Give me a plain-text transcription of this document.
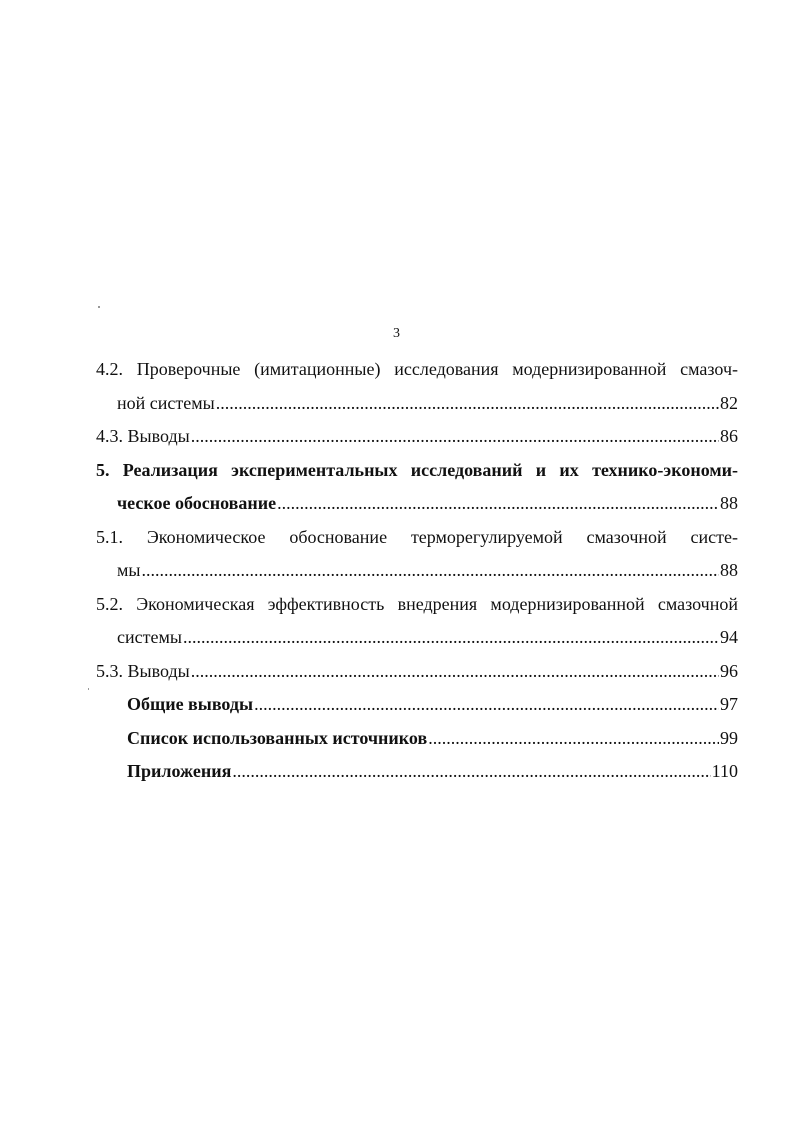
3
4.2. Проверочные (имитационные) исследования модернизированной смазоч-
ной системы .....	82
4.3. Выводы .....	86
5. Реализация экспериментальных исследований и их технико-экономи-
ческое обоснование .....	88
5.1. Экономическое обоснование терморегулируемой смазочной систе-
мы .....	88
5.2. Экономическая эффективность внедрения модернизированной смазочной
системы .....	94
5.3. Выводы .....	96
Общие выводы .....	97
Список использованных источников .....	99
Приложения .....	110
